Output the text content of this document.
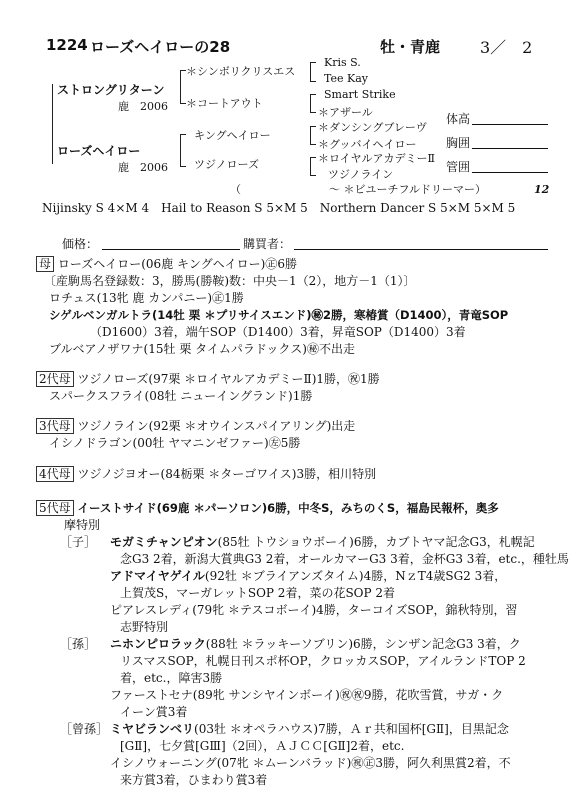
1224 ローズヘイローの28	牡・青鹿 3／　2
ストロングリターン
鹿　2006
ローズヘイロー
鹿　2006
＊シンボリクリスエス
＊コートアウト
キングヘイロー
ツジノローズ
Kris S.
Tee Kay
Smart Strike
＊アザール
＊ダンシングブレーヴ
＊グッバイヘイロー
＊ロイヤルアカデミーⅡ
ツジノライン
（　　　　　　　　〜 ＊ビユーチフルドリーマー）	12
体高
胸囲
管囲
Nijinsky S 4×M 4　Hail to Reason S 5×M 5　Northern Dancer S 5×M 5×M 5
価格：	購買者：
母 ローズヘイロー(06鹿 キングヘイロー)㊣6勝
〔産駒馬名登録数：3，勝馬(勝鞍)数：中央－1（2），地方－1（1）〕
ロチュス(13牝 鹿 カンパニー)㊣1勝
シゲルベンガルトラ(14牡 栗 ＊プリサイスエンド)㊙2勝，寒椿賞（D1400），青竜SOP
（D1600）3着，端午SOP（D1400）3着，昇竜SOP（D1400）3着
ブルベアノザワナ(15牡 栗 タイムパラドックス)㊙不出走
2代母 ツジノローズ(97栗 ＊ロイヤルアカデミーⅡ)1勝，㊗1勝
スパークスフライ(08牡 ニューイングランド)1勝
3代母 ツジノライン(92栗 ＊オウインスパイアリング)出走
イシノドラゴン(00牡 ヤマニンゼファー)㊧5勝
4代母 ツジノジヨオー(84栃栗 ＊ターゴワイス)3勝，相川特別
5代母 イーストサイド(69鹿 ＊パーソロン)6勝，中冬S，みちのくS，福島民報杯，奥多
摩特別
［子］ モガミチャンピオン(85牡 トウショウボーイ)6勝，カブトヤマ記念G3，札幌記
念G3 2着，新潟大賞典G3 2着，オールカマーG3 3着，金杯G3 3着，etc.，種牡馬
アドマイヤゲイル(92牡 ＊ブライアンズタイム)4勝，NｚT4歳SG2 3着，
上賀茂S，マーガレットSOP 2着，菜の花SOP 2着
ピアレスレディ(79牝 ＊テスコボーイ)4勝，ターコイズSOP，錦秋特別，習
志野特別
［孫］ ニホンピロラック(88牡 ＊ラッキーソブリン)6勝，シンザン記念G3 3着，ク
リスマスSOP，札幌日刊スポ杯OP，クロッカスSOP，アイルランドTOP 2
着，etc.，障害3勝
ファーストセナ(89牝 サンシヤインボーイ)㊗㊗9勝，花吹雪賞，サガ・ク
イーン賞3着
［曾孫］ ミヤビランベリ(03牡 ＊オペラハウス)7勝，Ａｒ共和国杯[GⅡ]，目黒記念
[GⅡ]，七夕賞[GⅢ]（2回），ＡＪＣＣ[GⅡ]2着，etc.
イシノウォーニング(07牝 ＊ムーンバラッド)㊗㊣3勝，阿久利黒賞2着，不
来方賞3着，ひまわり賞3着
